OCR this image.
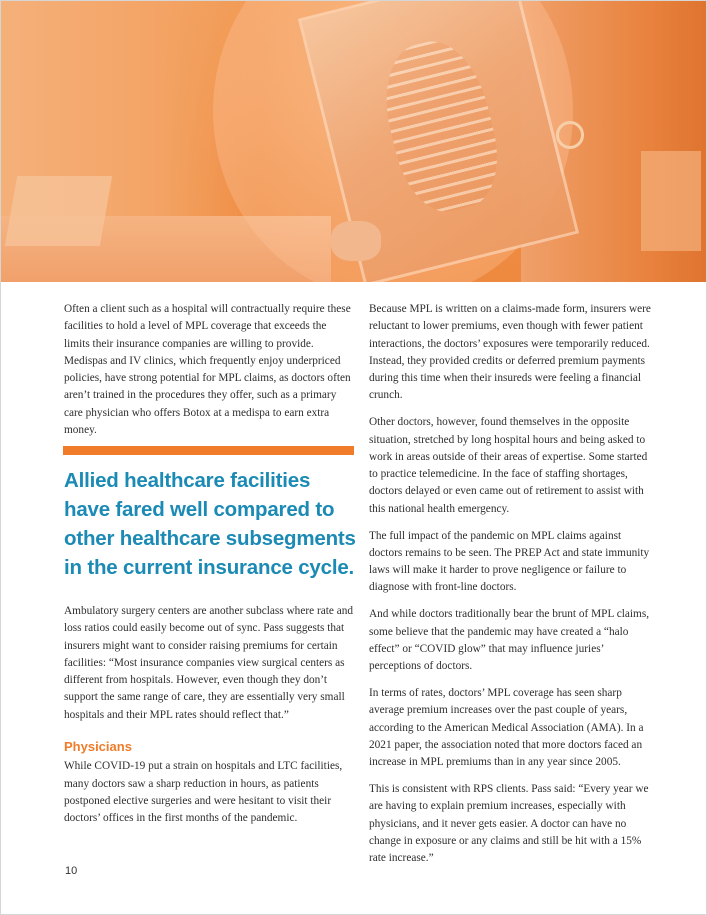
Often a client such as a hospital will contractually require these facilities to hold a level of MPL coverage that exceeds the limits their insurance companies are willing to provide. Medispas and IV clinics, which frequently enjoy underpriced policies, have strong potential for MPL claims, as doctors often aren’t trained in the procedures they offer, such as a primary care physician who offers Botox at a medispa to earn extra money.

Allied healthcare facilities have fared well compared to other healthcare subsegments in the current insurance cycle.

Ambulatory surgery centers are another subclass where rate and loss ratios could easily become out of sync. Pass suggests that insurers might want to consider raising premiums for certain facilities: “Most insurance companies view surgical centers as different from hospitals. However, even though they don’t support the same range of care, they are essentially very small hospitals and their MPL rates should reflect that.”

Physicians

While COVID-19 put a strain on hospitals and LTC facilities, many doctors saw a sharp reduction in hours, as patients postponed elective surgeries and were hesitant to visit their doctors’ offices in the first months of the pandemic.

Because MPL is written on a claims-made form, insurers were reluctant to lower premiums, even though with fewer patient interactions, the doctors’ exposures were temporarily reduced. Instead, they provided credits or deferred premium payments during this time when their insureds were feeling a financial crunch.

Other doctors, however, found themselves in the opposite situation, stretched by long hospital hours and being asked to work in areas outside of their areas of expertise. Some started to practice telemedicine. In the face of staffing shortages, doctors delayed or even came out of retirement to assist with this national health emergency.

The full impact of the pandemic on MPL claims against doctors remains to be seen. The PREP Act and state immunity laws will make it harder to prove negligence or failure to diagnose with front-line doctors.

And while doctors traditionally bear the brunt of MPL claims, some believe that the pandemic may have created a “halo effect” or “COVID glow” that may influence juries’ perceptions of doctors.

In terms of rates, doctors’ MPL coverage has seen sharp average premium increases over the past couple of years, according to the American Medical Association (AMA). In a 2021 paper, the association noted that more doctors faced an increase in MPL premiums than in any year since 2005.

This is consistent with RPS clients. Pass said: “Every year we are having to explain premium increases, especially with physicians, and it never gets easier. A doctor can have no change in exposure or any claims and still be hit with a 15% rate increase.”

10
